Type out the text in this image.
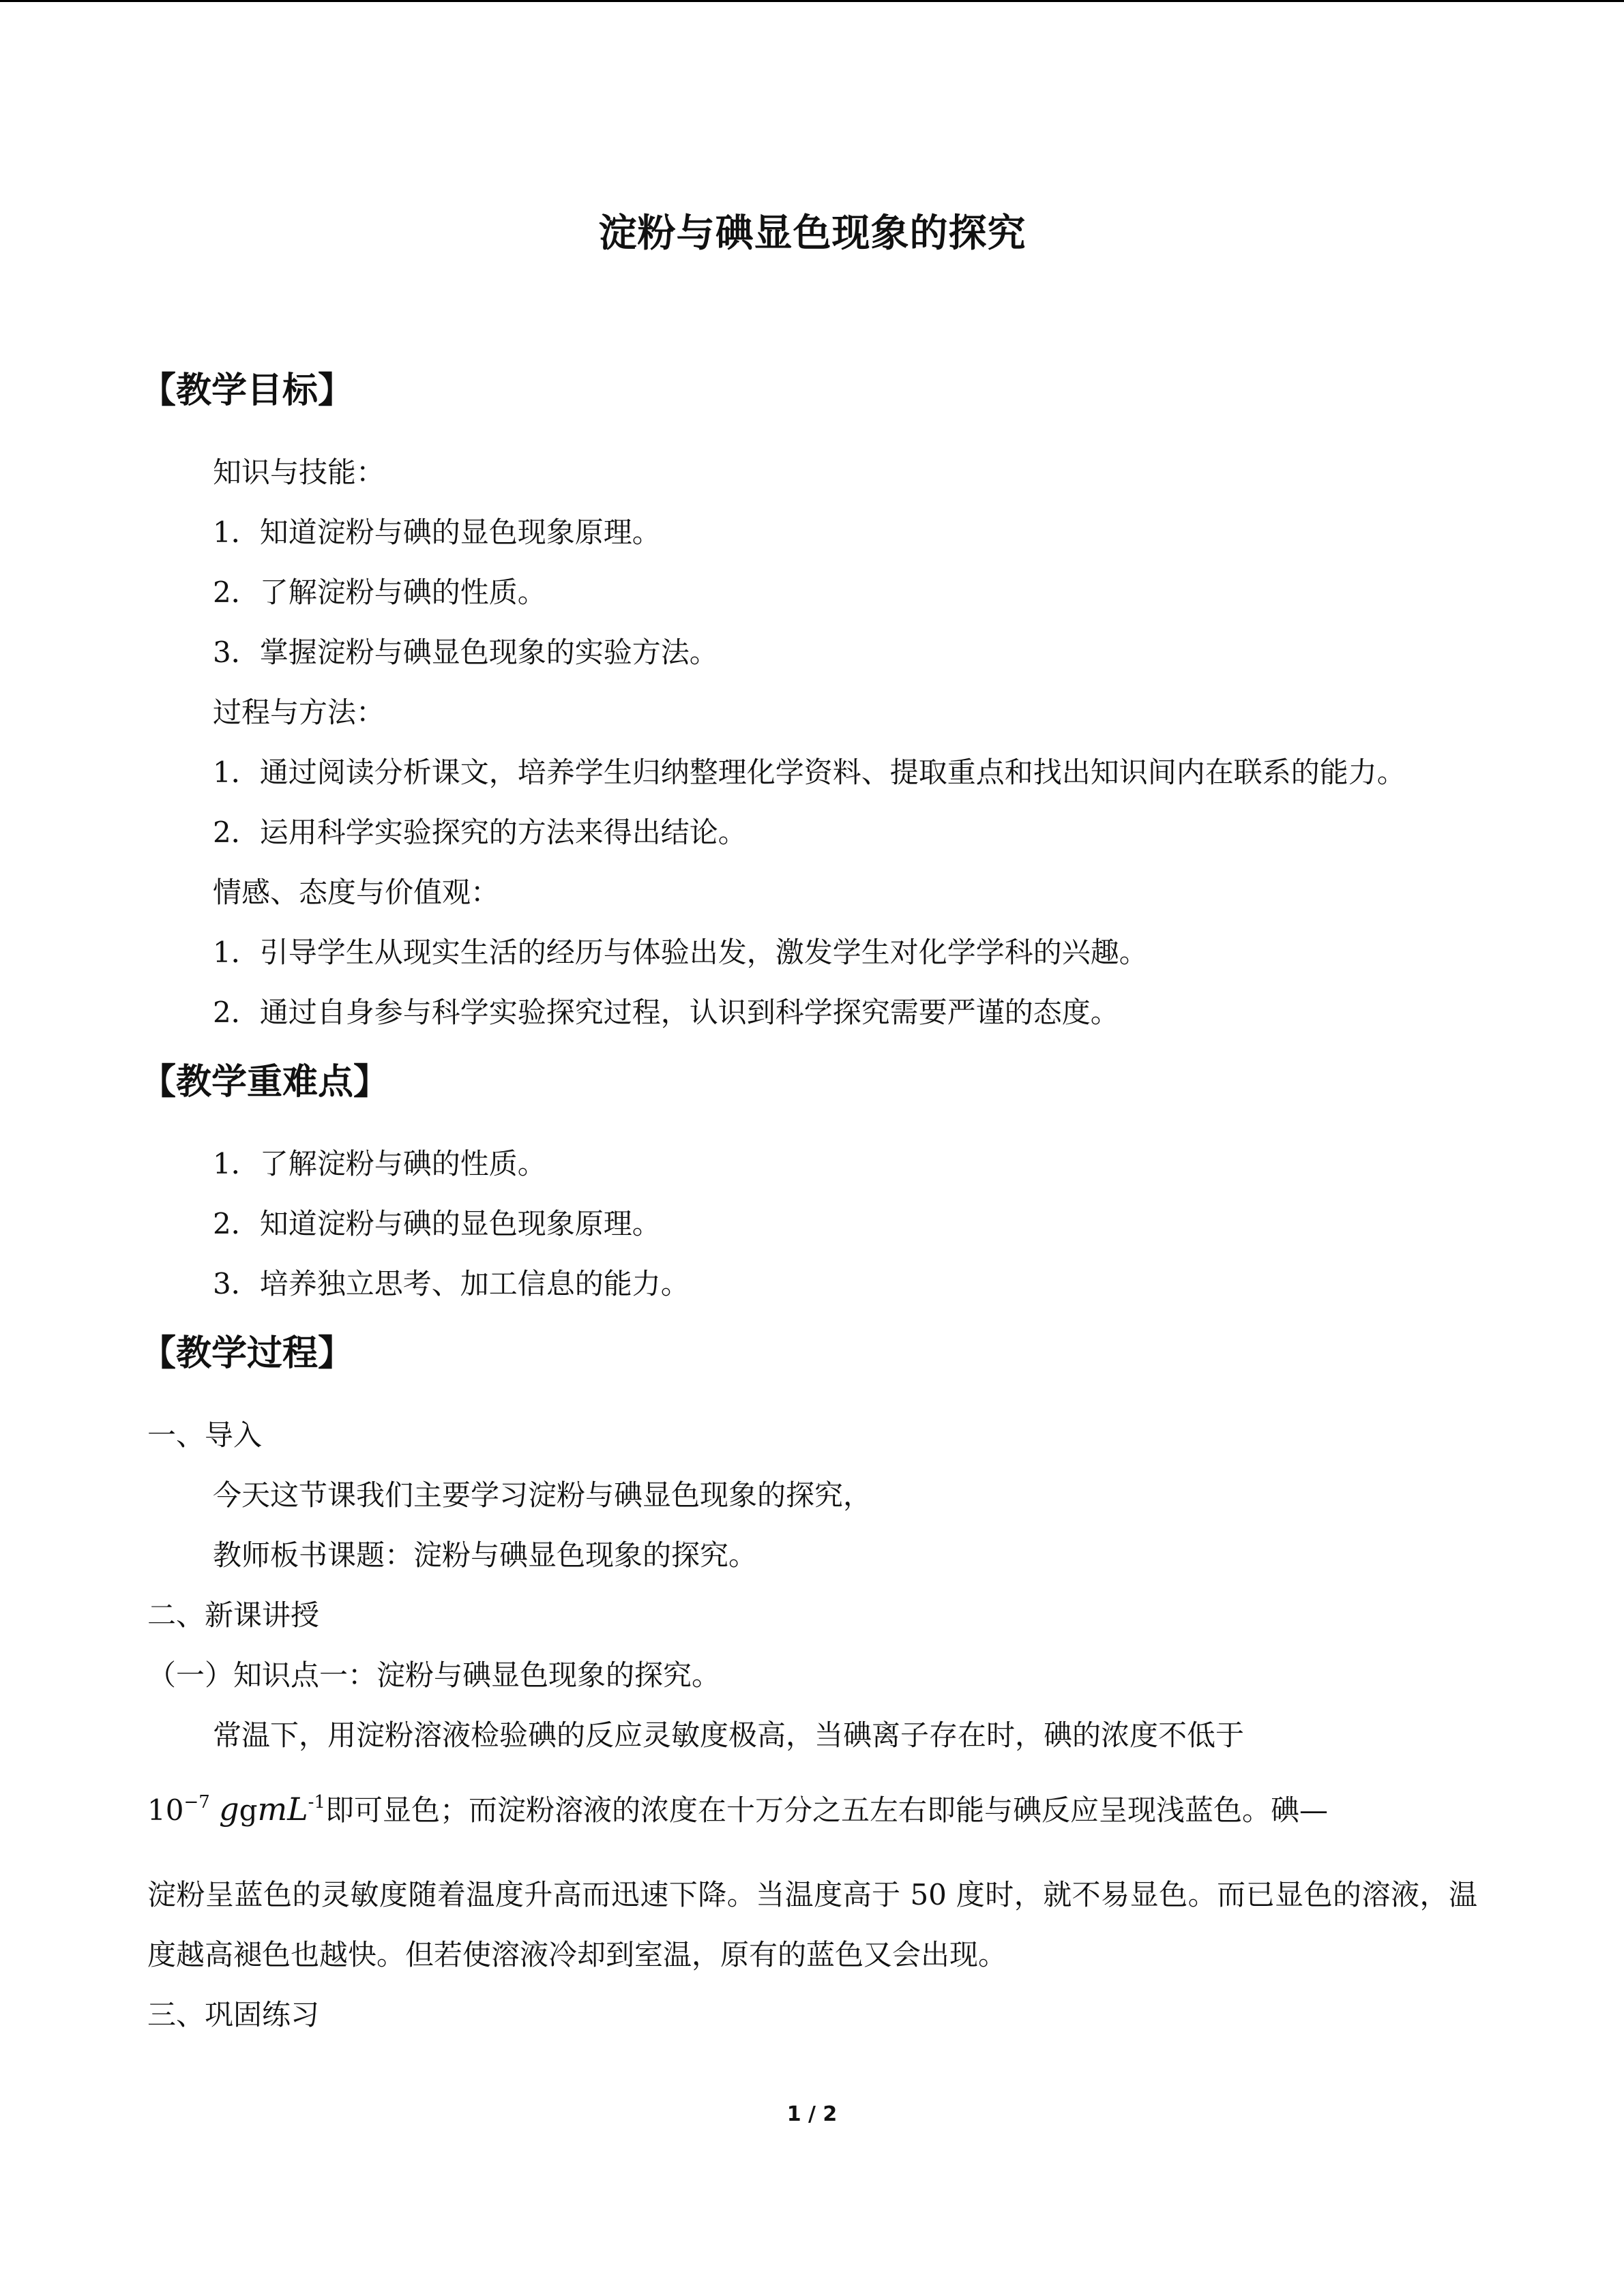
淀粉与碘显色现象的探究
【教学目标】

知识与技能：

1．知道淀粉与碘的显色现象原理。

2．了解淀粉与碘的性质。

3．掌握淀粉与碘显色现象的实验方法。

过程与方法：

1．通过阅读分析课文，培养学生归纳整理化学资料、提取重点和找出知识间内在联系的能力。

2．运用科学实验探究的方法来得出结论。

情感、态度与价值观：

1．引导学生从现实生活的经历与体验出发，激发学生对化学学科的兴趣。

2．通过自身参与科学实验探究过程，认识到科学探究需要严谨的态度。

【教学重难点】

1．了解淀粉与碘的性质。

2．知道淀粉与碘的显色现象原理。

3．培养独立思考、加工信息的能力。

【教学过程】

一、导入

今天这节课我们主要学习淀粉与碘显色现象的探究，

教师板书课题：淀粉与碘显色现象的探究。

二、新课讲授

（一）知识点一：淀粉与碘显色现象的探究。

常温下，用淀粉溶液检验碘的反应灵敏度极高，当碘离子存在时，碘的浓度不低于

$10^{-7}$ ggmL$^{-1}$即可显色；而淀粉溶液的浓度在十万分之五左右即能与碘反应呈现浅蓝色。碘—

淀粉呈蓝色的灵敏度随着温度升高而迅速下降。当温度高于 50 度时，就不易显色。而已显色的溶液，温度越高褪色也越快。但若使溶液冷却到室温，原有的蓝色又会出现。

三、巩固练习

1 / 2
